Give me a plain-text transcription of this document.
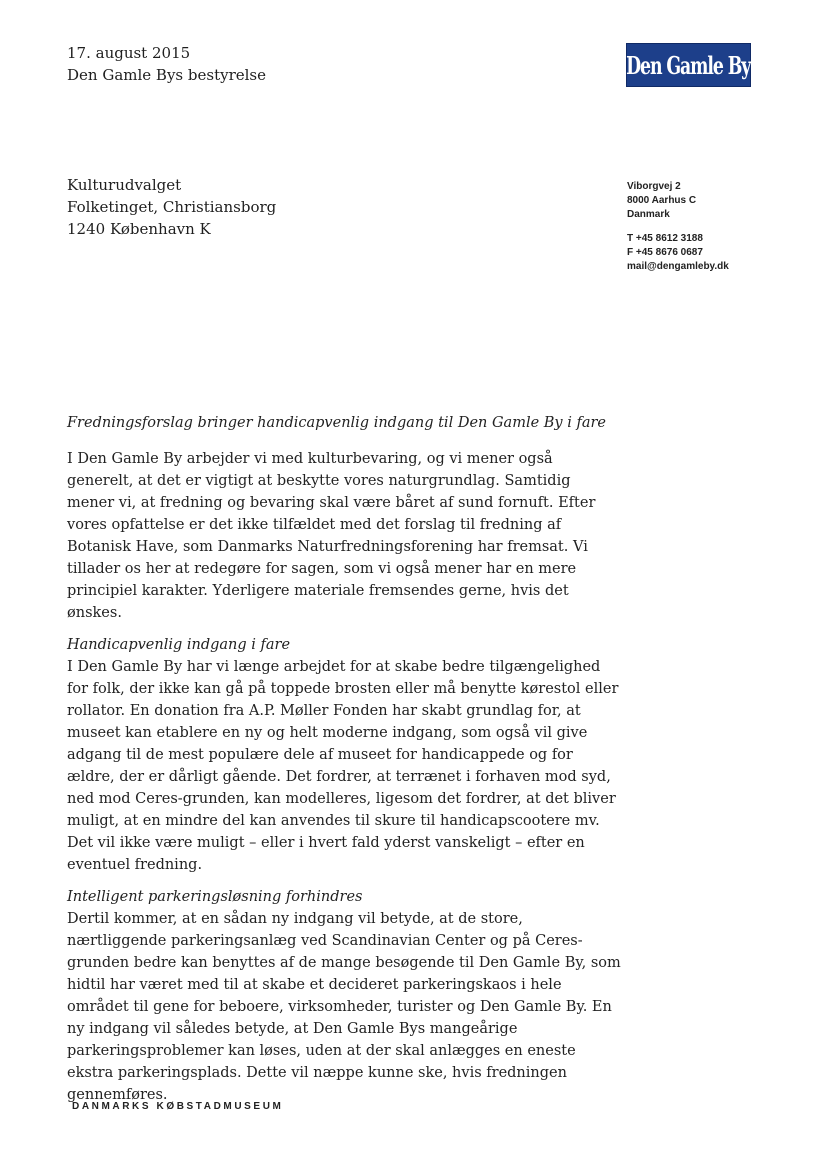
17. august 2015
Den Gamle Bys bestyrelse	Den Gamle By
Kulturudvalget
Folketinget, Christiansborg
1240 København K
Viborgvej 2
8000 Aarhus C
Danmark
T +45 8612 3188
F +45 8676 0687
mail@dengamleby.dk

Fredningsforslag bringer handicapvenlig indgang til Den Gamle By i fare

I Den Gamle By arbejder vi med kulturbevaring, og vi mener også generelt, at det er vigtigt at beskytte vores naturgrundlag. Samtidig mener vi, at fredning og bevaring skal være båret af sund fornuft. Efter vores opfattelse er det ikke tilfældet med det forslag til fredning af Botanisk Have, som Danmarks Naturfredningsforening har fremsat. Vi tillader os her at redegøre for sagen, som vi også mener har en mere principiel karakter. Yderligere materiale fremsendes gerne, hvis det ønskes.

Handicapvenlig indgang i fare

I Den Gamle By har vi længe arbejdet for at skabe bedre tilgængelighed for folk, der ikke kan gå på toppede brosten eller må benytte kørestol eller rollator. En donation fra A.P. Møller Fonden har skabt grundlag for, at museet kan etablere en ny og helt moderne indgang, som også vil give adgang til de mest populære dele af museet for handicappede og for ældre, der er dårligt gående. Det fordrer, at terrænet i forhaven mod syd, ned mod Ceres-grunden, kan modelleres, ligesom det fordrer, at det bliver muligt, at en mindre del kan anvendes til skure til handicapscootere mv. Det vil ikke være muligt – eller i hvert fald yderst vanskeligt – efter en eventuel fredning.

Intelligent parkeringsløsning forhindres

Dertil kommer, at en sådan ny indgang vil betyde, at de store, nærtliggende parkeringsanlæg ved Scandinavian Center og på Ceres-grunden bedre kan benyttes af de mange besøgende til Den Gamle By, som hidtil har været med til at skabe et decideret parkeringskaos i hele området til gene for beboere, virksomheder, turister og Den Gamle By. En ny indgang vil således betyde, at Den Gamle Bys mangeårige parkeringsproblemer kan løses, uden at der skal anlægges en eneste ekstra parkeringsplads. Dette vil næppe kunne ske, hvis fredningen gennemføres.

DANMARKS KØBSTADMUSEUM
